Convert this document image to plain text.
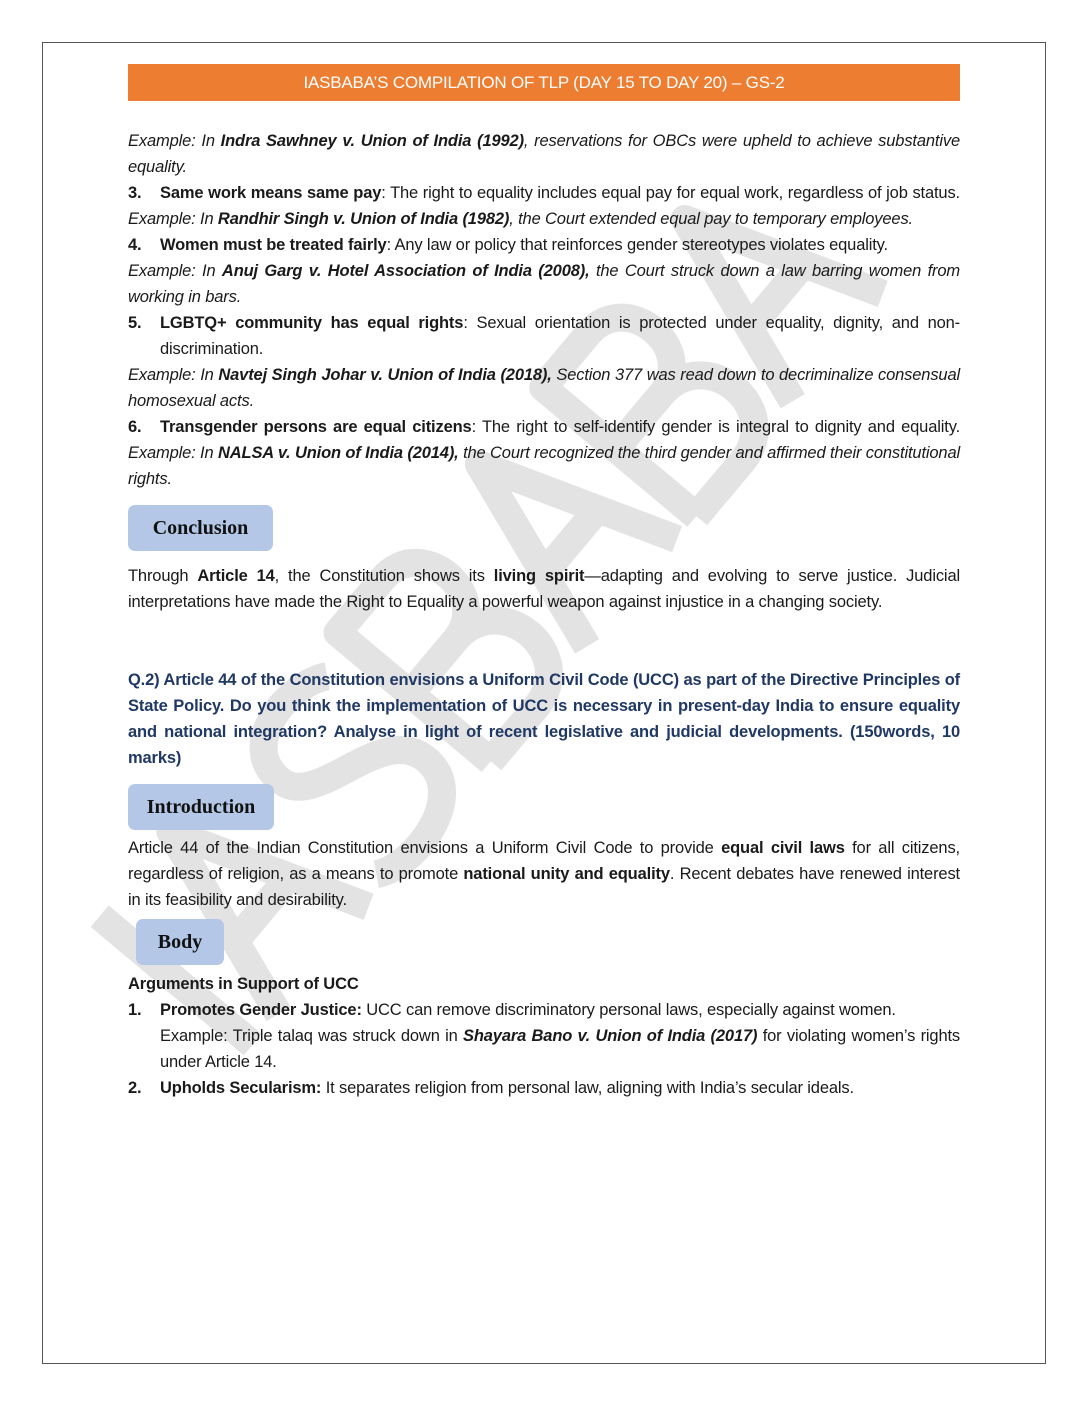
IASBABA’S COMPILATION OF TLP (DAY 15 TO DAY 20) – GS-2

Example: In Indra Sawhney v. Union of India (1992), reservations for OBCs were upheld to achieve substantive equality.

3.	Same work means same pay: The right to equality includes equal pay for equal work, regardless of job status.

Example: In Randhir Singh v. Union of India (1982), the Court extended equal pay to temporary employees.

4.	Women must be treated fairly: Any law or policy that reinforces gender stereotypes violates equality.

Example: In Anuj Garg v. Hotel Association of India (2008), the Court struck down a law barring women from working in bars.

5.	LGBTQ+ community has equal rights: Sexual orientation is protected under equality, dignity, and non-discrimination.

Example: In Navtej Singh Johar v. Union of India (2018), Section 377 was read down to decriminalize consensual homosexual acts.

6.	Transgender persons are equal citizens: The right to self-identify gender is integral to dignity and equality.

Example: In NALSA v. Union of India (2014), the Court recognized the third gender and affirmed their constitutional rights.

Conclusion

Through Article 14, the Constitution shows its living spirit—adapting and evolving to serve justice. Judicial interpretations have made the Right to Equality a powerful weapon against injustice in a changing society.

Q.2) Article 44 of the Constitution envisions a Uniform Civil Code (UCC) as part of the Directive Principles of State Policy. Do you think the implementation of UCC is necessary in present-day India to ensure equality and national integration? Analyse in light of recent legislative and judicial developments. (150words, 10 marks)

Introduction

Article 44 of the Indian Constitution envisions a Uniform Civil Code to provide equal civil laws for all citizens, regardless of religion, as a means to promote national unity and equality. Recent debates have renewed interest in its feasibility and desirability.

Body

Arguments in Support of UCC

1.	Promotes Gender Justice: UCC can remove discriminatory personal laws, especially against women.
Example: Triple talaq was struck down in Shayara Bano v. Union of India (2017) for violating women’s rights under Article 14.
2.	Upholds Secularism: It separates religion from personal law, aligning with India’s secular ideals.
